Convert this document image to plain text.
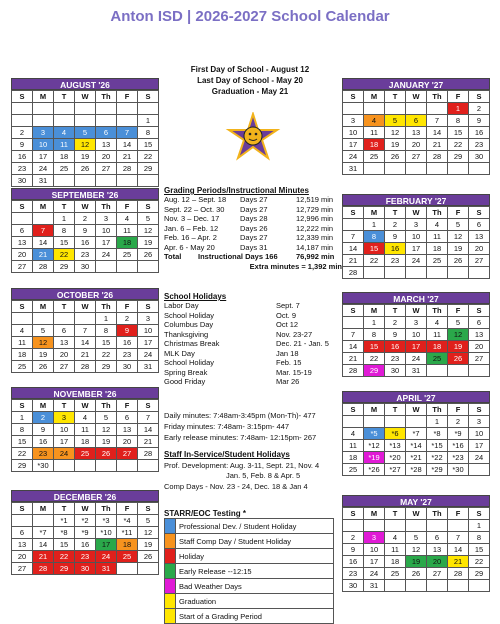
Anton ISD | 2026-2027 School Calendar
AUGUST '26
S	M	T	W	Th	F	S

						1
2	3	4	5	6	7	8
9	10	11	12	13	14	15
16	17	18	19	20	21	22
23	24	25	26	27	28	29
30	31					
SEPTEMBER '26
S	M	T	W	Th	F	S
		1	2	3	4	5
6	7	8	9	10	11	12
13	14	15	16	17	18	19
20	21	22	23	24	25	26
27	28	29	30			
OCTOBER '26
S	M	T	W	Th	F	S
				1	2	3
4	5	6	7	8	9	10
11	12	13	14	15	16	17
18	19	20	21	22	23	24
25	26	27	28	29	30	31
NOVEMBER '26
S	M	T	W	Th	F	S
1	2	3	4	5	6	7
8	9	10	11	12	13	14
15	16	17	18	19	20	21
22	23	24	25	26	27	28
29	*30					
DECEMBER '26
S	M	T	W	Th	F	S
		*1	*2	*3	*4	5
6	*7	*8	*9	*10	*11	12
13	14	15	16	17	18	19
20	21	22	23	24	25	26
27	28	29	30	31		
JANUARY '27
S	M	T	W	Th	F	S
					1	2
3	4	5	6	7	8	9
10	11	12	13	14	15	16
17	18	19	20	21	22	23
24	25	26	27	28	29	30
31						
FEBRUARY '27
S	M	T	W	Th	F	S
	1	2	3	4	5	6
7	8	9	10	11	12	13
14	15	16	17	18	19	20
21	22	23	24	25	26	27
28						
MARCH '27
S	M	T	W	Th	F	S
	1	2	3	4	5	6
7	8	9	10	11	12	13
14	15	16	17	18	19	20
21	22	23	24	25	26	27
28	29	30	31			
APRIL '27
S	M	T	W	Th	F	S
				1	2	3
4	*5	*6	*7	*8	*9	10
11	*12	*13	*14	*15	*16	17
18	*19	*20	*21	*22	*23	24
25	*26	*27	*28	*29	*30	
MAY '27
S	M	T	W	Th	F	S
						1
2	3	4	5	6	7	8
9	10	11	12	13	14	15
16	17	18	19	20	21	22
23	24	25	26	27	28	29
30	31					
First Day of School - August 12
Last Day of School - May 20
Graduation - May 21
Grading Periods/Instructional Minutes
Aug. 12 – Sept. 18	Days 27	12,519 min
Sept. 22 – Oct. 30	Days 27	12,729 min
Nov. 3 – Dec. 17	Days 28	12,996 min
Jan. 6 – Feb. 12	Days 26	12,222 min
Feb. 16 – Apr. 2	Days 27	12,339 min
Apr. 6 - May 20	Days 31	14,187 min
Total	Instructional Days 166	76,992 min
Extra minutes = 1,392 min
School Holidays
Labor Day	Sept. 7
School Holiday	Oct. 9
Columbus Day	Oct 12
Thanksgiving	Nov. 23-27
Christmas Break	Dec. 21 - Jan. 5
MLK Day	Jan 18
School Holiday	Feb. 15
Spring Break	Mar. 15-19
Good Friday	Mar 26
Daily minutes: 7:48am-3:45pm (Mon-Th)- 477
Friday minutes: 7:48am- 3:15pm- 447
Early release minutes: 7:48am- 12:15pm- 267
Staff In-Service/Student Holidays
Prof. Development: Aug. 3-11, Sept. 21, Nov. 4
Jan. 5, Feb. 8 & Apr. 5
Comp Days - Nov. 23 - 24, Dec. 18 & Jan 4
STARR/EOC Testing *
	Professional Dev. / Student Holiday
	Staff Comp Day / Student Holiday
	Holiday
	Early Release --12:15
	Bad Weather Days
	Graduation
	Start of a Grading Period
